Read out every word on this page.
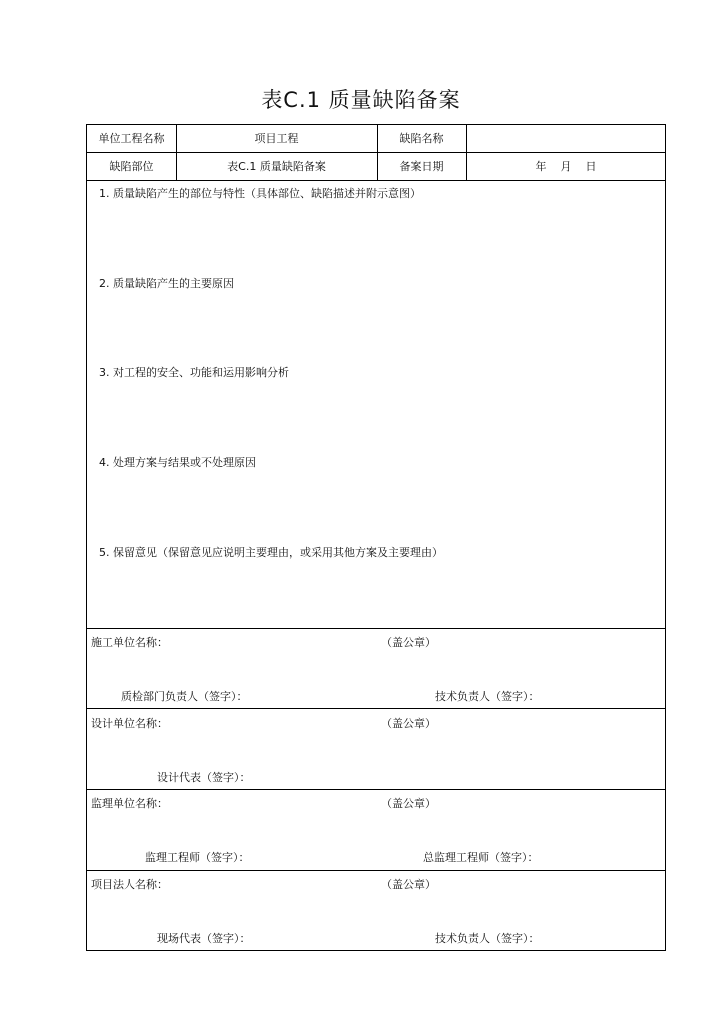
表C.1 质量缺陷备案
单位工程名称	项目工程	缺陷名称
缺陷部位	表C.1 质量缺陷备案	备案日期	年    月    日
1. 质量缺陷产生的部位与特性（具体部位、缺陷描述并附示意图）
2. 质量缺陷产生的主要原因
3. 对工程的安全、功能和运用影响分析
4. 处理方案与结果或不处理原因
5. 保留意见（保留意见应说明主要理由，或采用其他方案及主要理由）
施工单位名称：	（盖公章）
质检部门负责人（签字）：	技术负责人（签字）：
设计单位名称：	（盖公章）
设计代表（签字）：
监理单位名称：	（盖公章）
监理工程师（签字）：	总监理工程师（签字）：
项目法人名称：	（盖公章）
现场代表（签字）：	技术负责人（签字）：
